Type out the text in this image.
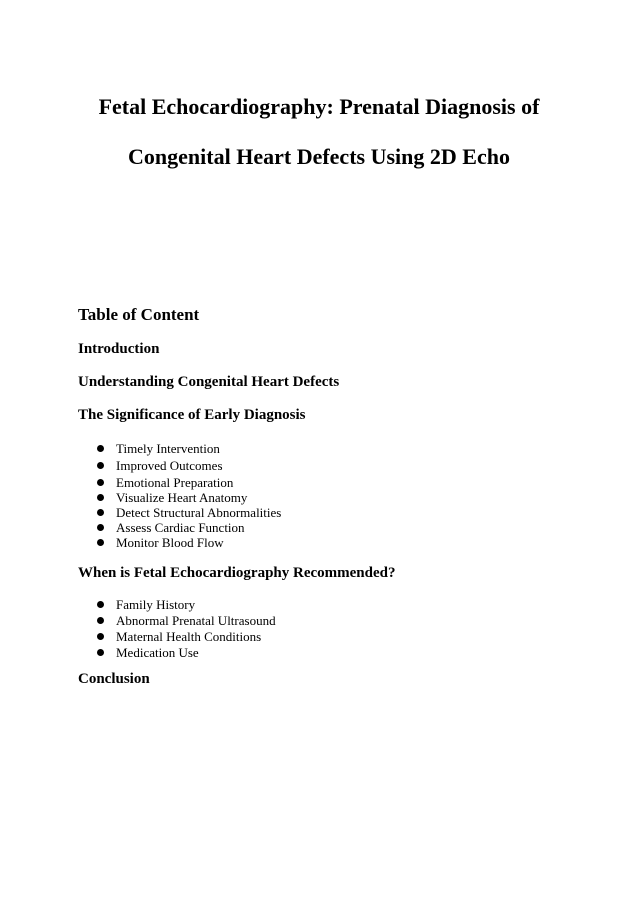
Fetal Echocardiography: Prenatal Diagnosis of
Congenital Heart Defects Using 2D Echo
Table of Content
Introduction
Understanding Congenital Heart Defects
The Significance of Early Diagnosis
Timely Intervention
Improved Outcomes
Emotional Preparation
Visualize Heart Anatomy
Detect Structural Abnormalities
Assess Cardiac Function
Monitor Blood Flow
When is Fetal Echocardiography Recommended?
Family History
Abnormal Prenatal Ultrasound
Maternal Health Conditions
Medication Use
Conclusion
